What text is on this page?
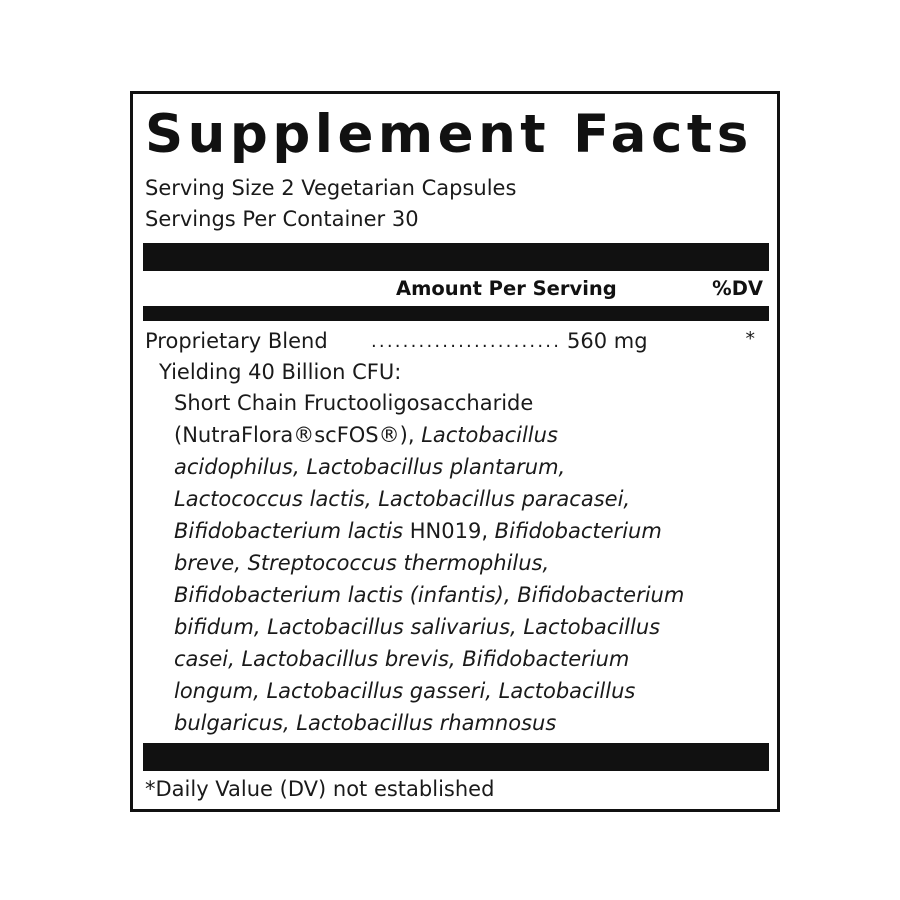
Supplement Facts
Serving Size 2 Vegetarian Capsules
Servings Per Container 30
Amount Per Serving	%DV
Proprietary Blend ........................ 560 mg	*
Yielding 40 Billion CFU:
Short Chain Fructooligosaccharide
(NutraFlora®scFOS®), Lactobacillus
acidophilus, Lactobacillus plantarum,
Lactococcus lactis, Lactobacillus paracasei,
Bifidobacterium lactis HN019, Bifidobacterium
breve, Streptococcus thermophilus,
Bifidobacterium lactis (infantis), Bifidobacterium
bifidum, Lactobacillus salivarius, Lactobacillus
casei, Lactobacillus brevis, Bifidobacterium
longum, Lactobacillus gasseri, Lactobacillus
bulgaricus, Lactobacillus rhamnosus
*Daily Value (DV) not established
